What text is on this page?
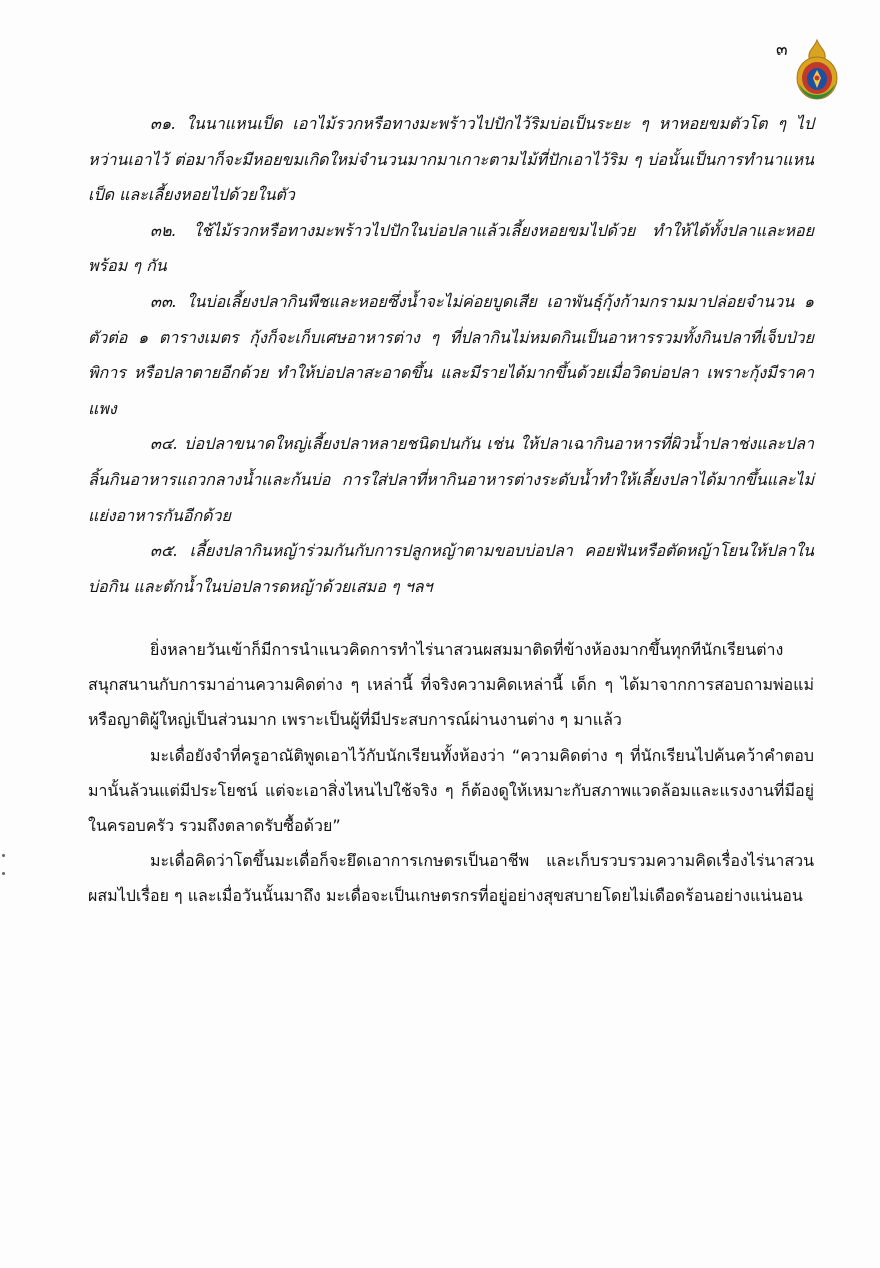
๓

๓๑. ในนาแหนเป็ด เอาไม้รวกหรือทางมะพร้าวไปปักไว้ริมบ่อเป็นระยะ ๆ หาหอยขมตัวโต ๆ ไปหว่านเอาไว้ ต่อมาก็จะมีหอยขมเกิดใหม่จำนวนมากมาเกาะตามไม้ที่ปักเอาไว้ริม ๆ บ่อนั้นเป็นการทำนาแหนเป็ด และเลี้ยงหอยไปด้วยในตัว

๓๒. ใช้ไม้รวกหรือทางมะพร้าวไปปักในบ่อปลาแล้วเลี้ยงหอยขมไปด้วย ทำให้ได้ทั้งปลาและหอยพร้อม ๆ กัน

๓๓. ในบ่อเลี้ยงปลากินพืชและหอยซึ่งน้ำจะไม่ค่อยบูดเสีย เอาพันธุ์กุ้งก้ามกรามมาปล่อยจำนวน ๑ ตัวต่อ ๑ ตารางเมตร กุ้งก็จะเก็บเศษอาหารต่าง ๆ ที่ปลากินไม่หมดกินเป็นอาหารรวมทั้งกินปลาที่เจ็บป่วยพิการ หรือปลาตายอีกด้วย ทำให้บ่อปลาสะอาดขึ้น และมีรายได้มากขึ้นด้วยเมื่อวิดบ่อปลา เพราะกุ้งมีราคาแพง

๓๔. บ่อปลาขนาดใหญ่เลี้ยงปลาหลายชนิดปนกัน เช่น ให้ปลาเฉากินอาหารที่ผิวน้ำปลาช่งและปลาลิ้นกินอาหารแถวกลางน้ำและก้นบ่อ การใส่ปลาที่หากินอาหารต่างระดับน้ำทำให้เลี้ยงปลาได้มากขึ้นและไม่แย่งอาหารกันอีกด้วย

๓๕. เลี้ยงปลากินหญ้าร่วมกันกับการปลูกหญ้าตามขอบบ่อปลา คอยฟันหรือตัดหญ้าโยนให้ปลาในบ่อกิน และตักน้ำในบ่อปลารดหญ้าด้วยเสมอ ๆ ฯลฯ

ยิ่งหลายวันเข้าก็มีการนำแนวคิดการทำไร่นาสวนผสมมาติดที่ข้างห้องมากขึ้นทุกทีนักเรียนต่างสนุกสนานกับการมาอ่านความคิดต่าง ๆ เหล่านี้ ที่จริงความคิดเหล่านี้ เด็ก ๆ ได้มาจากการสอบถามพ่อแม่หรือญาติผู้ใหญ่เป็นส่วนมาก เพราะเป็นผู้ที่มีประสบการณ์ผ่านงานต่าง ๆ มาแล้ว

มะเดื่อยังจำที่ครูอาณัติพูดเอาไว้กับนักเรียนทั้งห้องว่า “ความคิดต่าง ๆ ที่นักเรียนไปค้นคว้าคำตอบมานั้นล้วนแต่มีประโยชน์ แต่จะเอาสิ่งไหนไปใช้จริง ๆ ก็ต้องดูให้เหมาะกับสภาพแวดล้อมและแรงงานที่มีอยู่ในครอบครัว รวมถึงตลาดรับซื้อด้วย”

มะเดื่อคิดว่าโตขึ้นมะเดื่อก็จะยึดเอาการเกษตรเป็นอาชีพ และเก็บรวบรวมความคิดเรื่องไร่นาสวนผสมไปเรื่อย ๆ และเมื่อวันนั้นมาถึง มะเดื่อจะเป็นเกษตรกรที่อยู่อย่างสุขสบายโดยไม่เดือดร้อนอย่างแน่นอน
